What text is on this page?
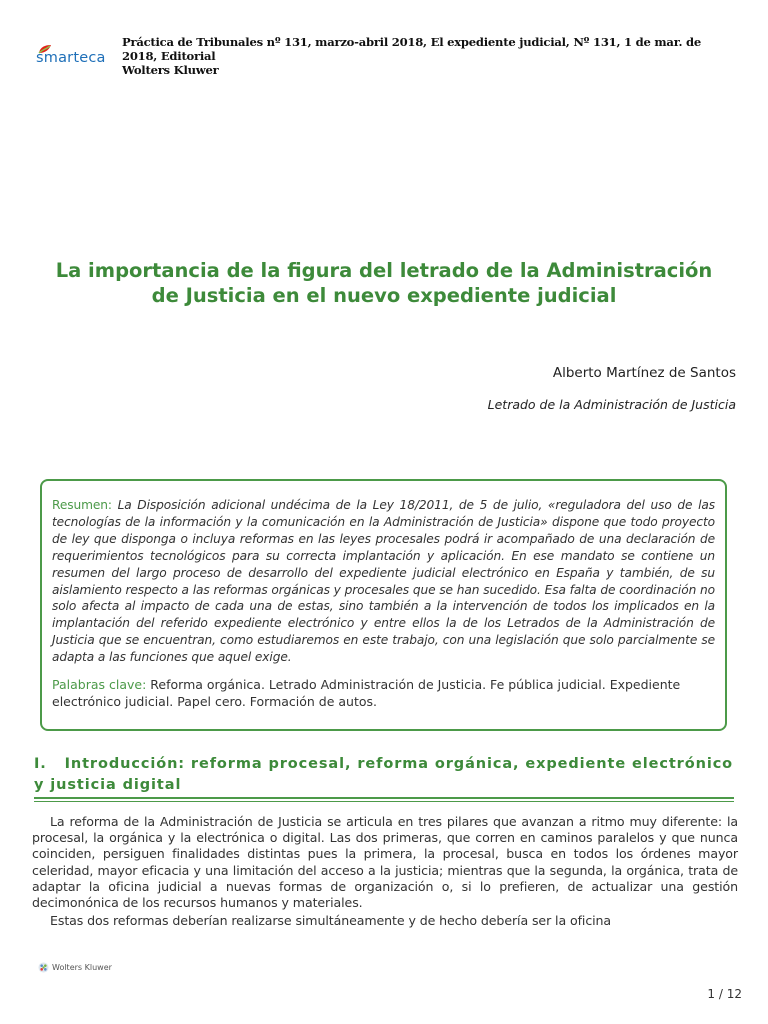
smarteca
Práctica de Tribunales nº 131, marzo-abril 2018, El expediente judicial, Nº 131, 1 de mar. de 2018, Editorial
Wolters Kluwer
La importancia de la figura del letrado de la Administración de Justicia en el nuevo expediente judicial
Alberto Martínez de Santos
Letrado de la Administración de Justicia

Resumen: La Disposición adicional undécima de la Ley 18/2011, de 5 de julio, «reguladora del uso de las tecnologías de la información y la comunicación en la Administración de Justicia» dispone que todo proyecto de ley que disponga o incluya reformas en las leyes procesales podrá ir acompañado de una declaración de requerimientos tecnológicos para su correcta implantación y aplicación. En ese mandato se contiene un resumen del largo proceso de desarrollo del expediente judicial electrónico en España y también, de su aislamiento respecto a las reformas orgánicas y procesales que se han sucedido. Esa falta de coordinación no solo afecta al impacto de cada una de estas, sino también a la intervención de todos los implicados en la implantación del referido expediente electrónico y entre ellos la de los Letrados de la Administración de Justicia que se encuentran, como estudiaremos en este trabajo, con una legislación que solo parcialmente se adapta a las funciones que aquel exige.

Palabras clave: Reforma orgánica. Letrado Administración de Justicia. Fe pública judicial. Expediente electrónico judicial. Papel cero. Formación de autos.

I. Introducción: reforma procesal, reforma orgánica, expediente electrónico y justicia digital

La reforma de la Administración de Justicia se articula en tres pilares que avanzan a ritmo muy diferente: la procesal, la orgánica y la electrónica o digital. Las dos primeras, que corren en caminos paralelos y que nunca coinciden, persiguen finalidades distintas pues la primera, la procesal, busca en todos los órdenes mayor celeridad, mayor eficacia y una limitación del acceso a la justicia; mientras que la segunda, la orgánica, trata de adaptar la oficina judicial a nuevas formas de organización o, si lo prefieren, de actualizar una gestión decimonónica de los recursos humanos y materiales.

Estas dos reformas deberían realizarse simultáneamente y de hecho debería ser la oficina

Wolters Kluwer
1 / 12
